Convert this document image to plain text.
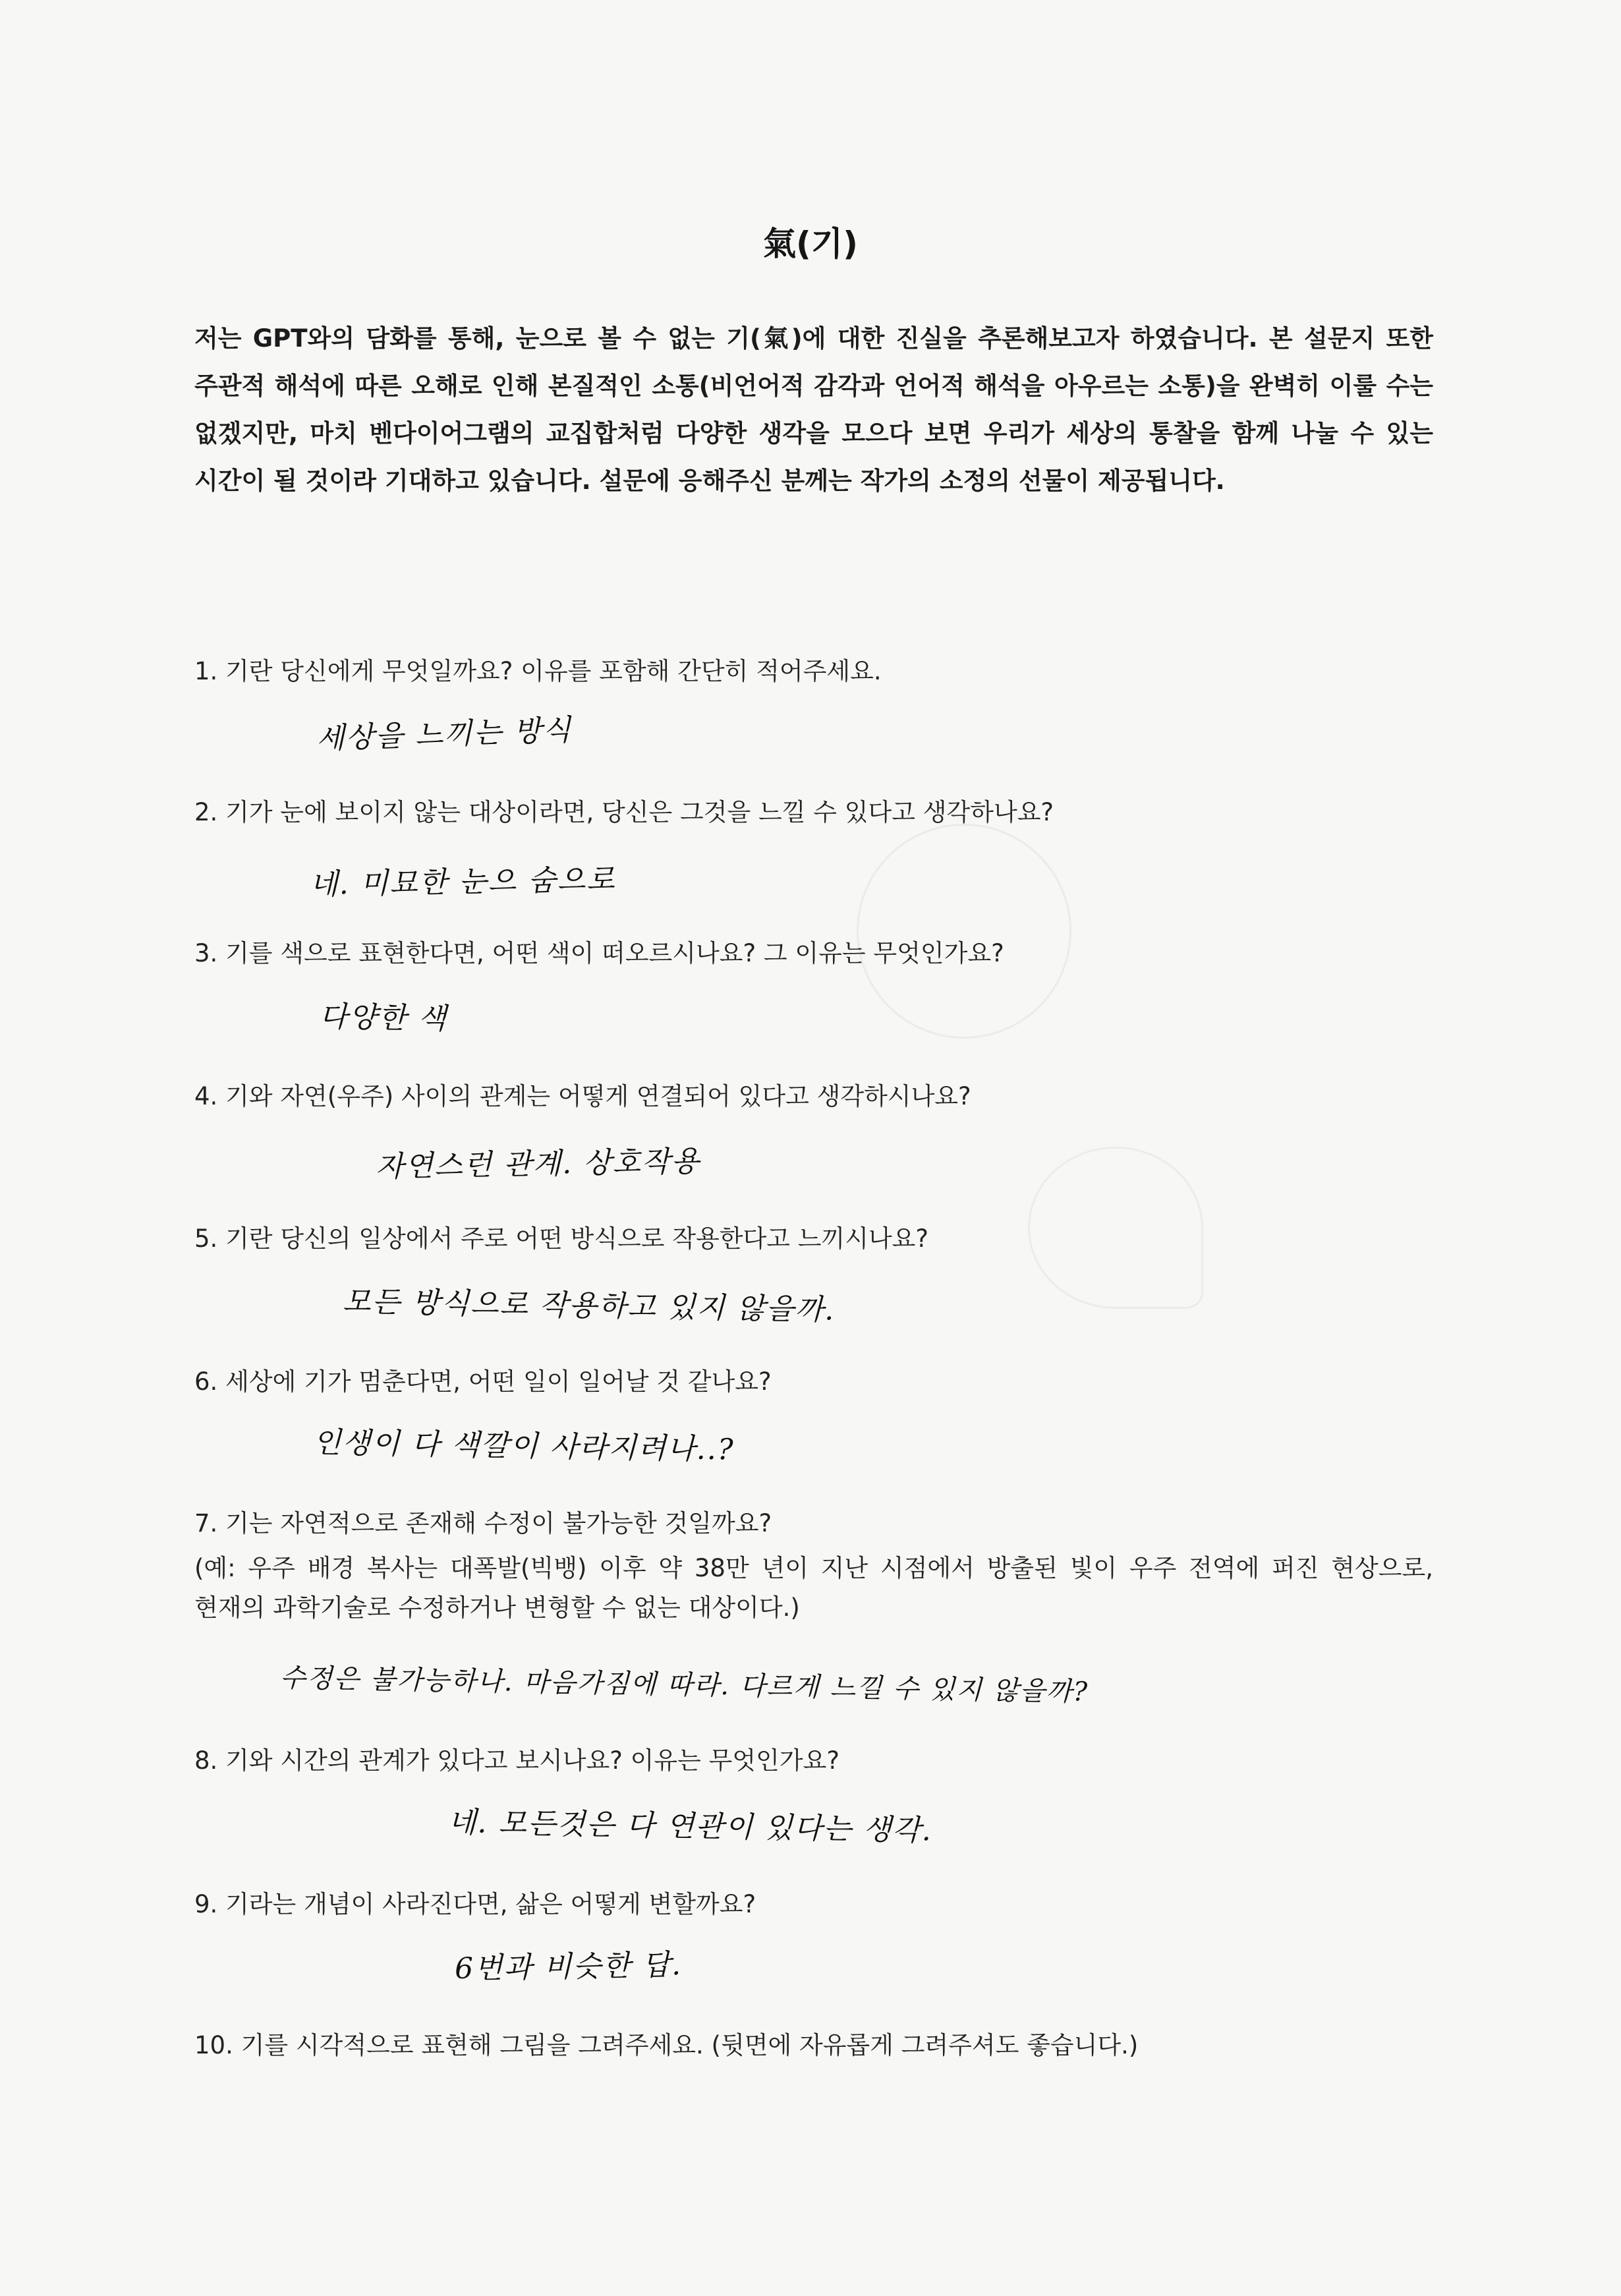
氣(기)
저는 GPT와의 담화를 통해, 눈으로 볼 수 없는 기(氣)에 대한 진실을 추론해보고자 하였습니다. 본 설문지 또한 주관적 해석에 따른 오해로 인해 본질적인 소통(비언어적 감각과 언어적 해석을 아우르는 소통)을 완벽히 이룰 수는 없겠지만, 마치 벤다이어그램의 교집합처럼 다양한 생각을 모으다 보면 우리가 세상의 통찰을 함께 나눌 수 있는 시간이 될 것이라 기대하고 있습니다. 설문에 응해주신 분께는 작가의 소정의 선물이 제공됩니다.
1. 기란 당신에게 무엇일까요? 이유를 포함해 간단히 적어주세요.
세상을 느끼는 방식
2. 기가 눈에 보이지 않는 대상이라면, 당신은 그것을 느낄 수 있다고 생각하나요?
네. 미묘한 눈으 숨으로
3. 기를 색으로 표현한다면, 어떤 색이 떠오르시나요? 그 이유는 무엇인가요?
다양한 색
4. 기와 자연(우주) 사이의 관계는 어떻게 연결되어 있다고 생각하시나요?
자연스런 관계. 상호작용
5. 기란 당신의 일상에서 주로 어떤 방식으로 작용한다고 느끼시나요?
모든 방식으로 작용하고 있지 않을까.
6. 세상에 기가 멈춘다면, 어떤 일이 일어날 것 같나요?
인생이 다 색깔이 사라지려나..?
7. 기는 자연적으로 존재해 수정이 불가능한 것일까요?
(예: 우주 배경 복사는 대폭발(빅뱅) 이후 약 38만 년이 지난 시점에서 방출된 빛이 우주 전역에 퍼진 현상으로, 현재의 과학기술로 수정하거나 변형할 수 없는 대상이다.)
수정은 불가능하나. 마음가짐에 따라. 다르게 느낄 수 있지 않을까?
8. 기와 시간의 관계가 있다고 보시나요? 이유는 무엇인가요?
네. 모든것은 다 연관이 있다는 생각.
9. 기라는 개념이 사라진다면, 삶은 어떻게 변할까요?
6번과 비슷한 답.
10. 기를 시각적으로 표현해 그림을 그려주세요. (뒷면에 자유롭게 그려주셔도 좋습니다.)
